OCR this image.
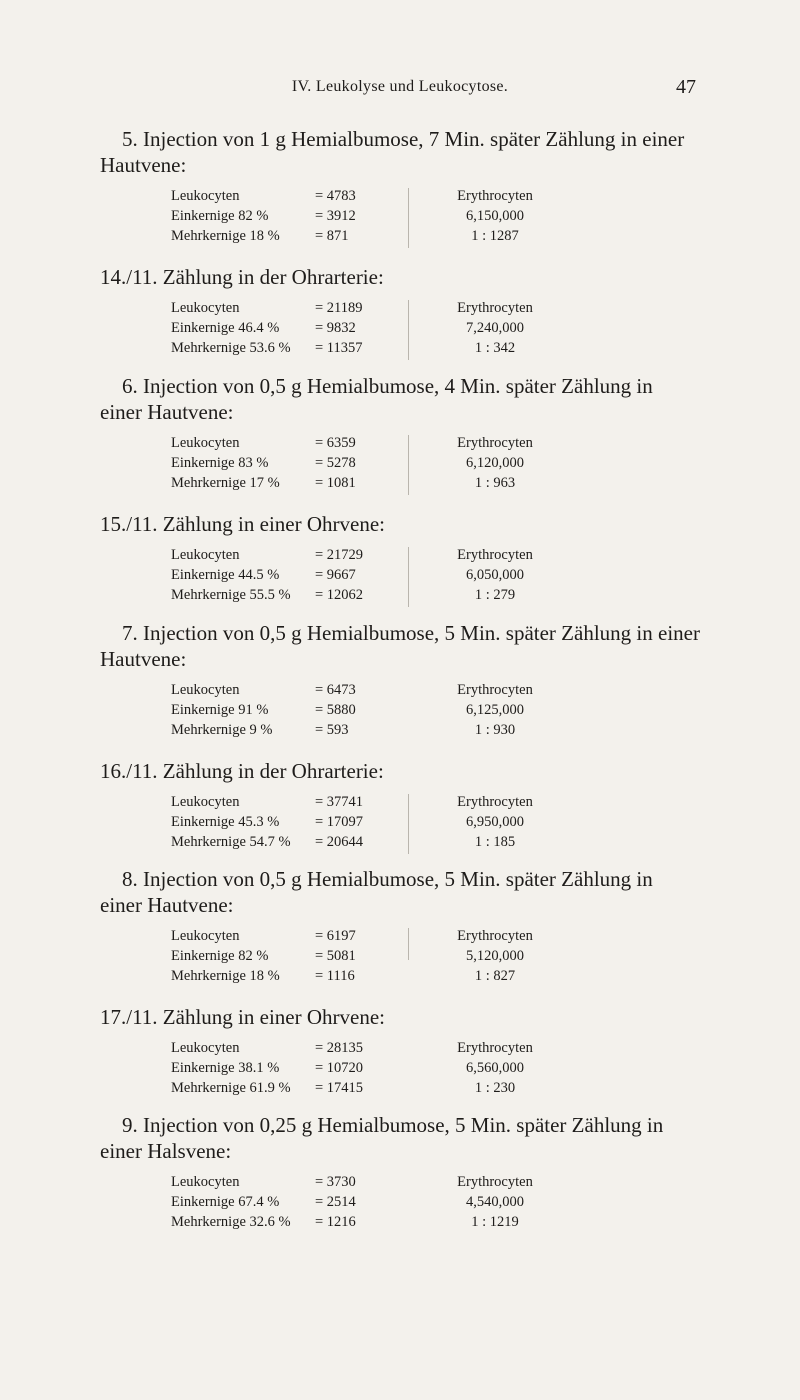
IV. Leukolyse und Leukocytose.	47
5. Injection von 1 g Hemialbumose, 7 Min. später Zählung in einer
Hautvene:
Leukocyten	= 4783	Erythrocyten
Einkernige 82 %	= 3912	6,150,000
Mehrkernige 18 % = 871	1 : 1287
14./11. Zählung in der Ohrarterie:
Leukocyten	= 21189	Erythrocyten
Einkernige 46.4 % = 9832	7,240,000
Mehrkernige 53.6 % = 11357	1 : 342
6. Injection von 0,5 g Hemialbumose, 4 Min. später Zählung in
einer Hautvene:
Leukocyten	= 6359	Erythrocyten
Einkernige 83 %	= 5278	6,120,000
Mehrkernige 17 % = 1081	1 : 963
15./11. Zählung in einer Ohrvene:
Leukocyten	= 21729	Erythrocyten
Einkernige 44.5 % = 9667	6,050,000
Mehrkernige 55.5 % = 12062	1 : 279
7. Injection von 0,5 g Hemialbumose, 5 Min. später Zählung in einer
Hautvene:
Leukocyten	= 6473	Erythrocyten
Einkernige 91 %	= 5880	6,125,000
Mehrkernige 9 %	= 593	1 : 930
16./11. Zählung in der Ohrarterie:
Leukocyten	= 37741	Erythrocyten
Einkernige 45.3 % = 17097	6,950,000
Mehrkernige 54.7 % = 20644	1 : 185
8. Injection von 0,5 g Hemialbumose, 5 Min. später Zählung in
einer Hautvene:
Leukocyten	= 6197	Erythrocyten
Einkernige 82 %	= 5081	5,120,000
Mehrkernige 18 % = 1116	1 : 827
17./11. Zählung in einer Ohrvene:
Leukocyten	= 28135	Erythrocyten
Einkernige 38.1 % = 10720	6,560,000
Mehrkernige 61.9 % = 17415	1 : 230
9. Injection von 0,25 g Hemialbumose, 5 Min. später Zählung in
einer Halsvene:
Leukocyten	= 3730	Erythrocyten
Einkernige 67.4 % = 2514	4,540,000
Mehrkernige 32.6 % = 1216	1 : 1219
